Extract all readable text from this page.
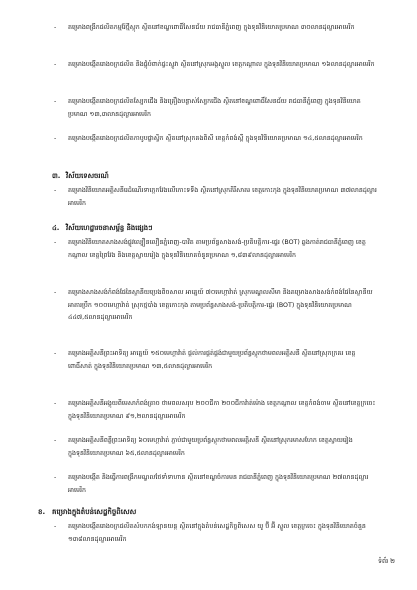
- គម្រោងពង្រីកផលិតកម្មរ៉ែថ្មីស្តុក ស្ថិតនៅខណ្ឌពោធិ៍សែនជ័យ រាជធានីភ្នំពេញ ក្នុងទុនវិនិយោគប្រមាណ ៣០លានដុល្លារអាមេរិក
- គម្រោងបង្កើតរោងចក្រផលិត និងផ្គុំបំពាក់ផ្ទះស្ទូវា ស្ថិតនៅស្រុកអង្គស្នួល ខេត្តកណ្តាល ក្នុងទុនវិនិយោគប្រមាណ ១៦លានដុល្លារអាមេរិក
- គម្រោងបង្កើតរោងចក្រផលិតស្បែកជើង និងគ្រឿងបន្លាស់ស្បែកជើង ស្ថិតនៅខណ្ឌពោធិ៍សែនជ័យ រាជធានីភ្នំពេញ ក្នុងទុនវិនិយោគប្រមាណ ១៣,៣លានដុល្លារអាមេរិក
- គម្រោងបង្កើតរោងចក្រផលិតកាបូបផ្លាស្ទិក ស្ថិតនៅស្រុកគងពិសី ខេត្តកំពង់ស្ពឺ ក្នុងទុនវិនិយោគប្រមាណ ១៤,៥លានដុល្លារអាមេរិក
៣. វិស័យទេសចរណ៍
- គម្រោងវិនិយោគអគ្គិសនីរេដំណើរទាក្តេកវែងលើកោះទទឹង ស្ថិតនៅស្រុកគិរីសាគរ ខេត្តកោះកុង ក្នុងទុនវិនិយោគប្រមាណ ៣៧លានដុល្លារអាមេរិក
៤. វិស័យហេដ្ឋារចនាសម្ព័ន្ធ និងផ្សេងៗ
- គម្រោងវិនិយោគសាងសង់ផ្លូវល្បឿនលឿនភ្នំពេញ-បាវិត តាមប្រព័ន្ធសាងសង់-ប្រតិបត្តិការ-ផ្ទេរ (BOT) ឆ្លងកាត់រាជធានីភ្នំពេញ ខេត្តកណ្តាល ខេត្តព្រៃវែង និងខេត្តស្វាយរៀង ក្នុងទុនវិនិយោគចំនួនប្រមាណ ១,៨៣៩លានដុល្លារអាមេរិក
- គម្រោងសាងសង់កំពង់ផែនៃស្ថានីយប្រេងពិចសាល អាគ្នេយ៍ ៧០មេហ្គាវ៉ាត់ ស្រុកមណ្ឌលសីមា និងគម្រោងសាងសង់កំពង់ផែនៃស្ថានីយអាគារប្រឹក ១០០មេហ្គាវ៉ាត់ ស្រុកថ្មបាំង ខេត្តកោះកុង តាមប្រព័ន្ធសាងសង់-ប្រតិបត្តិការ-ផ្ទេរ (BOT) ក្នុងទុនវិនិយោគប្រមាណ ៤៤៧,៥លានដុល្លារអាមេរិក
- គម្រោងអគ្គិសនីព្រះអាទិត្យ អាគ្នេយ៍ ១៥០មេហ្គាវ៉ាត់ ផ្តល់ការផ្គត់ផ្គង់ជាមួយប្រព័ន្ធស្តុកថាមពលអគ្គិសនី ស្ថិតនៅស្រុកក្រគរ ខេត្តពោធិ៍សាត់ ក្នុងទុនវិនិយោគប្រមាណ ១៣,៥លានដុល្លារអាមេរិក
- គម្រោងអគ្គិសនីអង្គុយពីមេសាកំពង់ត្រាច ថាមពលសរុប ២០០ជីកា ២០០ជីកាវ៉ាត់ម៉ោង ខេត្តកណ្តាល ខេត្តកំពង់ចាម ស្ថិតនៅខេត្តក្រចេះ ក្នុងទុនវិនិយោគប្រមាណ ៩១,២លានដុល្លារអាមេរិក
- គម្រោងអគ្គិសនីពន្លឺព្រះអាទិត្យ ៦០មេហ្គាវ៉ាត់ ភ្ជាប់ជាមួយប្រព័ន្ធស្តុកថាមពលអគ្គិសនី ស្ថិតនៅស្រុករមាសហែក ខេត្តស្វាយរៀង ក្នុងទុនវិនិយោគប្រមាណ ៦៥,៥លានដុល្លារអាមេរិក
- គម្រោងបង្កើត និងធ្វើការពង្រីកមណ្ឌលថែទាំទាហាន ស្ថិតនៅខណ្ឌចំការមន រាជធានីភ្នំពេញ ក្នុងទុនវិនិយោគប្រមាណ ២៧លានដុល្លារអាមេរិក
ខ. គម្រោងក្នុងតំបន់សេដ្ឋកិច្ចពិសេស
- គម្រោងបង្កើតរោងចក្រផលិតសំបកកង់ឡានយន្ត ស្ថិតនៅក្នុងតំបន់សេដ្ឋកិច្ចពិសេស យូ ប៊ី អ៊ី ស្នួល ខេត្តក្រចេះ ក្នុងទុនវិនិយោគចំនួន ១៣៨លានដុល្លារអាមេរិក
ទំព័រ ២
